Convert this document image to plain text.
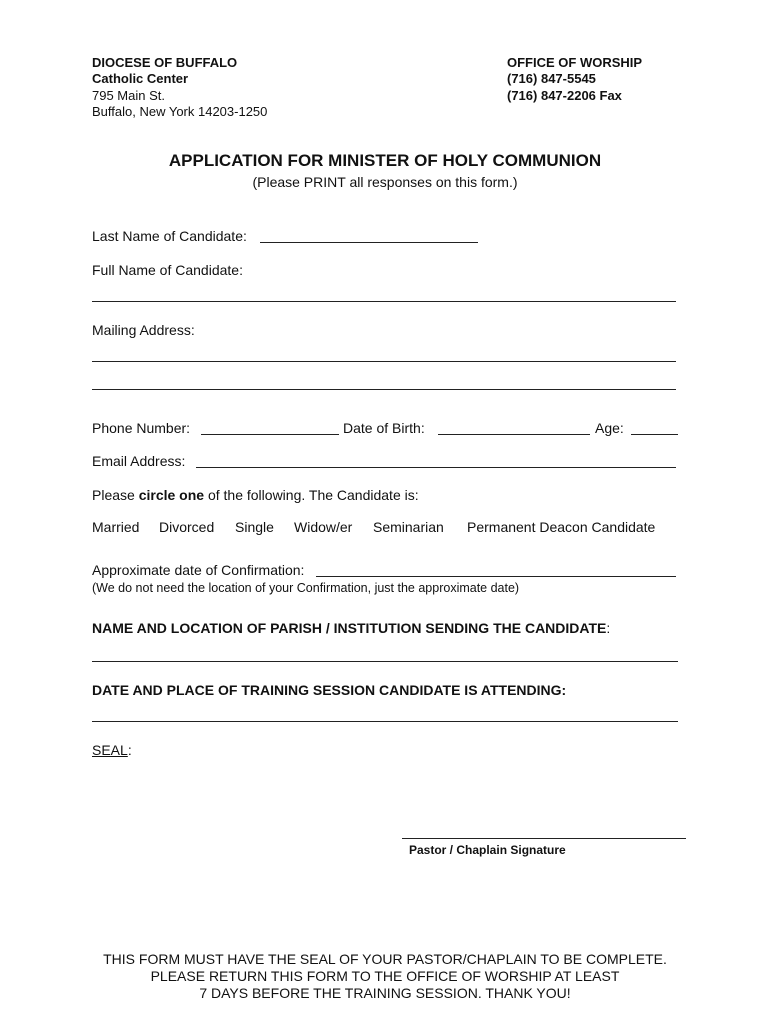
DIOCESE OF BUFFALO
Catholic Center
795 Main St.
Buffalo, New York 14203-1250
OFFICE OF WORSHIP
(716) 847-5545
(716) 847-2206 Fax
APPLICATION FOR MINISTER OF HOLY COMMUNION
(Please PRINT all responses on this form.)
Last Name of Candidate:
Full Name of Candidate:
Mailing Address:
Phone Number:	Date of Birth:	Age:
Email Address:
Please circle one of the following. The Candidate is:
Married Divorced Single Widow/er Seminarian Permanent Deacon Candidate
Approximate date of Confirmation:
(We do not need the location of your Confirmation, just the approximate date)
NAME AND LOCATION OF PARISH / INSTITUTION SENDING THE CANDIDATE:
DATE AND PLACE OF TRAINING SESSION CANDIDATE IS ATTENDING:
SEAL:
Pastor / Chaplain Signature
THIS FORM MUST HAVE THE SEAL OF YOUR PASTOR/CHAPLAIN TO BE COMPLETE.
PLEASE RETURN THIS FORM TO THE OFFICE OF WORSHIP AT LEAST
7 DAYS BEFORE THE TRAINING SESSION. THANK YOU!
